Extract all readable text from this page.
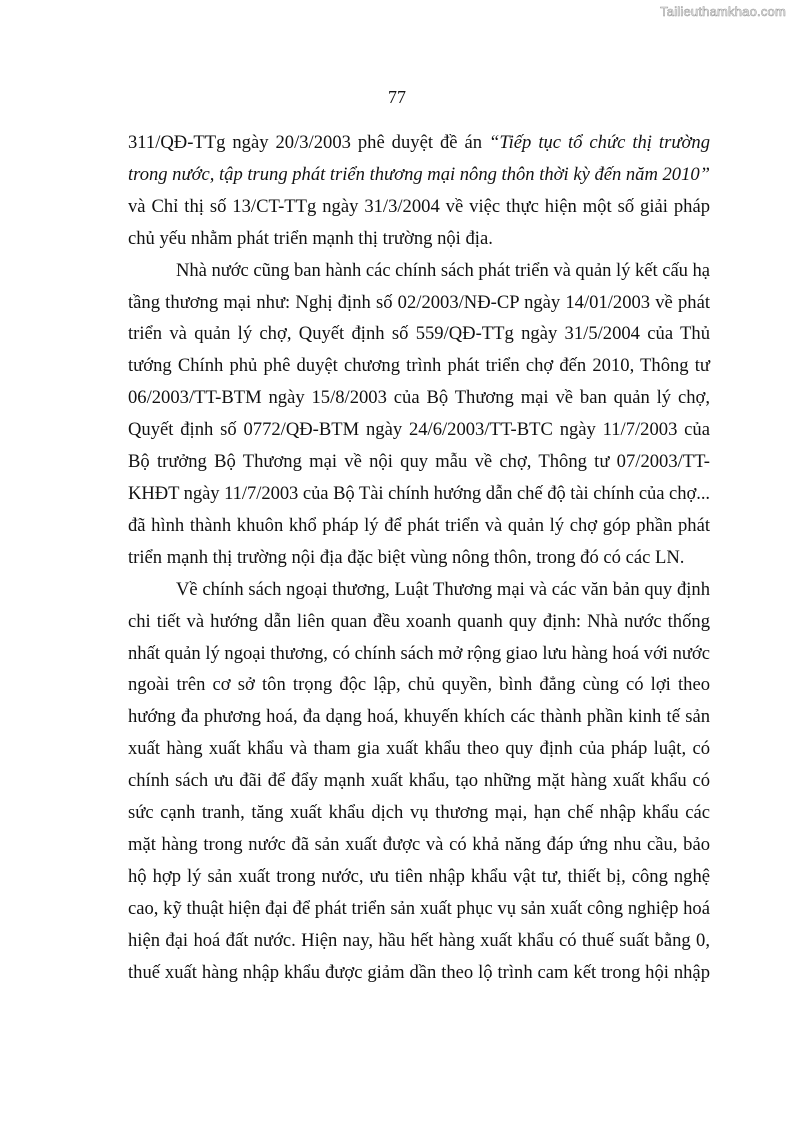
Tailieuthamkhao.com
77
311/QĐ-TTg ngày 20/3/2003 phê duyệt đề án “Tiếp tục tổ chức thị trường
trong nước, tập trung phát triển thương mại nông thôn thời kỳ đến năm 2010”
và Chỉ thị số 13/CT-TTg ngày 31/3/2004 về việc thực hiện một số giải pháp
chủ yếu nhằm phát triển mạnh thị trường nội địa.
Nhà nước cũng ban hành các chính sách phát triển và quản lý kết cấu hạ
tầng thương mại như: Nghị định số 02/2003/NĐ-CP ngày 14/01/2003 về phát
triển và quản lý chợ, Quyết định số 559/QĐ-TTg ngày 31/5/2004 của Thủ
tướng Chính phủ phê duyệt chương trình phát triển chợ đến 2010, Thông tư
06/2003/TT-BTM ngày 15/8/2003 của Bộ Thương mại về ban quản lý chợ,
Quyết định số 0772/QĐ-BTM ngày 24/6/2003/TT-BTC ngày 11/7/2003 của
Bộ trưởng Bộ Thương mại về nội quy mẫu về chợ, Thông tư 07/2003/TT-
KHĐT ngày 11/7/2003 của Bộ Tài chính hướng dẫn chế độ tài chính của chợ...
đã hình thành khuôn khổ pháp lý để phát triển và quản lý chợ góp phần phát
triển mạnh thị trường nội địa đặc biệt vùng nông thôn, trong đó có các LN.
Về chính sách ngoại thương, Luật Thương mại và các văn bản quy định
chi tiết và hướng dẫn liên quan đều xoanh quanh quy định: Nhà nước thống
nhất quản lý ngoại thương, có chính sách mở rộng giao lưu hàng hoá với nước
ngoài trên cơ sở tôn trọng độc lập, chủ quyền, bình đẳng cùng có lợi theo
hướng đa phương hoá, đa dạng hoá, khuyến khích các thành phần kinh tế sản
xuất hàng xuất khẩu và tham gia xuất khẩu theo quy định của pháp luật, có
chính sách ưu đãi để đẩy mạnh xuất khẩu, tạo những mặt hàng xuất khẩu có
sức cạnh tranh, tăng xuất khẩu dịch vụ thương mại, hạn chế nhập khẩu các
mặt hàng trong nước đã sản xuất được và có khả năng đáp ứng nhu cầu, bảo
hộ hợp lý sản xuất trong nước, ưu tiên nhập khẩu vật tư, thiết bị, công nghệ
cao, kỹ thuật hiện đại để phát triển sản xuất phục vụ sản xuất công nghiệp hoá
hiện đại hoá đất nước. Hiện nay, hầu hết hàng xuất khẩu có thuế suất bằng 0,
thuế xuất hàng nhập khẩu được giảm dần theo lộ trình cam kết trong hội nhập
